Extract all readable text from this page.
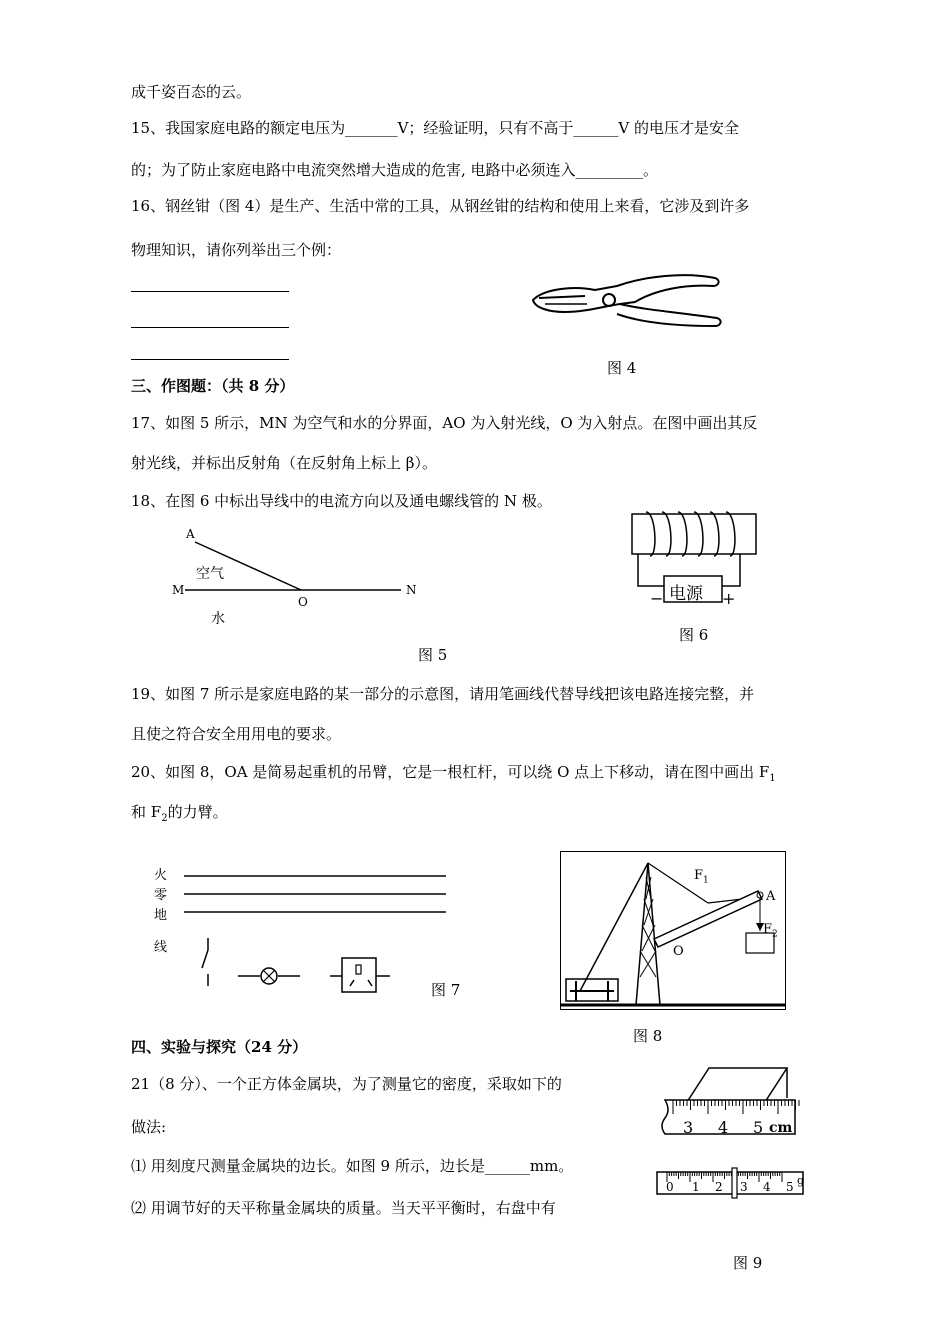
成千姿百态的云。
15、我国家庭电路的额定电压为_______V；经验证明，只有不高于______V 的电压才是安全
的；为了防止家庭电路中电流突然增大造成的危害, 电路中必须连入_________。
16、钢丝钳（图 4）是生产、生活中常的工具，从钢丝钳的结构和使用上来看，它涉及到许多
物理知识，请你列举出三个例：
三、作图题：（共 8 分）
17、如图 5 所示，MN 为空气和水的分界面，AO 为入射光线，O 为入射点。在图中画出其反
射光线，并标出反射角（在反射角上标上 β）。
18、在图 6 中标出导线中的电流方向以及通电螺线管的 N 极。
19、如图 7 所示是家庭电路的某一部分的示意图，请用笔画线代替导线把该电路连接完整，并
且使之符合安全用用电的要求。
20、如图 8，OA 是简易起重机的吊臂，它是一根杠杆，可以绕 O 点上下移动，请在图中画出 $F_1$
和 $F_2$的力臂。
四、实验与探究（24 分）
21（8 分）、一个正方体金属块，为了测量它的密度，采取如下的
做法:
⑴ 用刻度尺测量金属块的边长。如图 9 所示，边长是______mm。
⑵ 用调节好的天平称量金属块的质量。当天平平衡时，右盘中有
图 4
A
空气
M
O
N
水
图 5
电源
−	+
图 6
火
零
地
线
图 7
$F_1$
A
$F_2$
O
图 8
3 4 5 cm
0 1 2 3 4 5 g
图 9
